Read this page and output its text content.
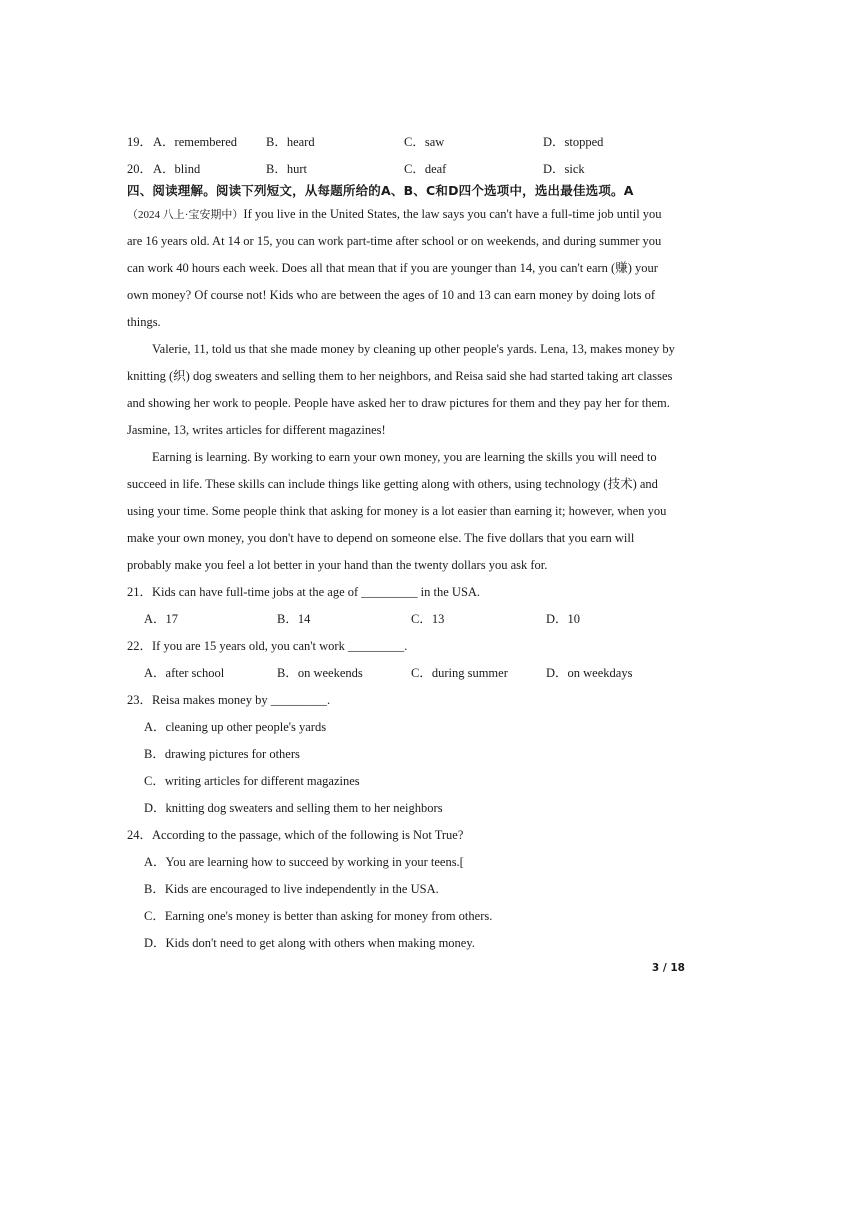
19． A．remembered B．heard	C．saw	D．stopped
20． A．blind	B．hurt	C．deaf	D．sick
四、阅读理解。阅读下列短文，从每题所给的A、B、C和D四个选项中，选出最佳选项。A
（2024 八上·宝安期中）If you live in the United States, the law says you can't have a full-time job until you
are 16 years old. At 14 or 15, you can work part-time after school or on weekends, and during summer you
can work 40 hours each week. Does all that mean that if you are younger than 14, you can't earn (赚) your
own money? Of course not! Kids who are between the ages of 10 and 13 can earn money by doing lots of
things.
Valerie, 11, told us that she made money by cleaning up other people's yards. Lena, 13, makes money by
knitting (织) dog sweaters and selling them to her neighbors, and Reisa said she had started taking art classes
and showing her work to people. People have asked her to draw pictures for them and they pay her for them.
Jasmine, 13, writes articles for different magazines!
Earning is learning. By working to earn your own money, you are learning the skills you will need to
succeed in life. These skills can include things like getting along with others, using technology (技术) and
using your time. Some people think that asking for money is a lot easier than earning it; however, when you
make your own money, you don't have to depend on someone else. The five dollars that you earn will
probably make you feel a lot better in your hand than the twenty dollars you ask for.
21．Kids can have full-time jobs at the age of _________ in the USA.
A．17	B．14	C．13	D．10
22．If you are 15 years old, you can't work _________.
A．after school	B．on weekends	C．during summer	D．on weekdays
23．Reisa makes money by _________.
A．cleaning up other people's yards
B．drawing pictures for others
C．writing articles for different magazines
D．knitting dog sweaters and selling them to her neighbors
24．According to the passage, which of the following is Not True?
A．You are learning how to succeed by working in your teens.[
B．Kids are encouraged to live independently in the USA.
C．Earning one's money is better than asking for money from others.
D．Kids don't need to get along with others when making money.
3 / 18
